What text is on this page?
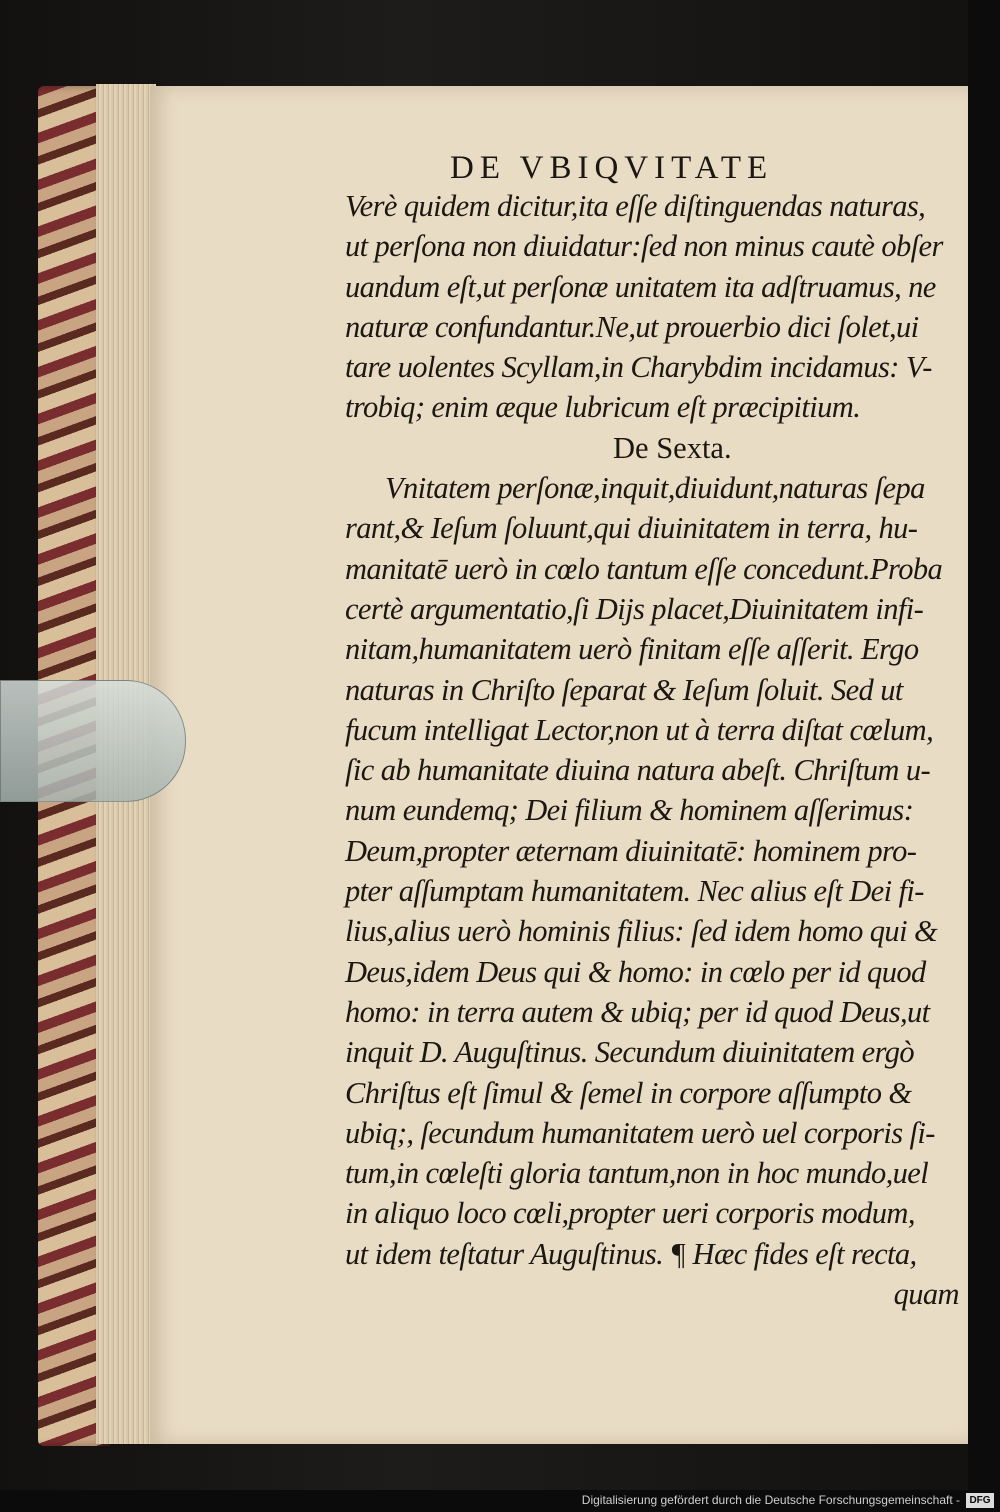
DE VBIQVITATE
Verè quidem dicitur,ita eſſe diſtinguendas naturas,
ut perſona non diuidatur:ſed non minus cautè obſer
uandum eſt,ut perſonæ unitatem ita adſtruamus, ne
naturæ confundantur.Ne,ut prouerbio dici ſolet,ui
tare uolentes Scyllam,in Charybdim incidamus: V-
trobiq; enim æque lubricum eſt præcipitium.
De Sexta.
Vnitatem perſonæ,inquit,diuidunt,naturas ſepa
rant,& Ieſum ſoluunt,qui diuinitatem in terra, hu-
manitatē uerò in cœlo tantum eſſe concedunt.Proba
certè argumentatio,ſi Dijs placet,Diuinitatem infi-
nitam,humanitatem uerò finitam eſſe aſſerit. Ergo
naturas in Chriſto ſeparat & Ieſum ſoluit. Sed ut
fucum intelligat Lector,non ut à terra diſtat cœlum,
ſic ab humanitate diuina natura abeſt. Chriſtum u-
num eundemq; Dei filium & hominem aſſerimus:
Deum,propter æternam diuinitatē: hominem pro-
pter aſſumptam humanitatem. Nec alius eſt Dei fi-
lius,alius uerò hominis filius: ſed idem homo qui &
Deus,idem Deus qui & homo: in cœlo per id quod
homo: in terra autem & ubiq; per id quod Deus,ut
inquit D. Auguſtinus. Secundum diuinitatem ergò
Chriſtus eſt ſimul & ſemel in corpore aſſumpto &
ubiq;, ſecundum humanitatem uerò uel corporis ſi-
tum,in cœleſti gloria tantum,non in hoc mundo,uel
in aliquo loco cœli,propter ueri corporis modum,
ut idem teſtatur Auguſtinus. ¶ Hæc fides eſt recta,
quam
Digitalisierung gefördert durch die Deutsche Forschungsgemeinschaft - DFG
